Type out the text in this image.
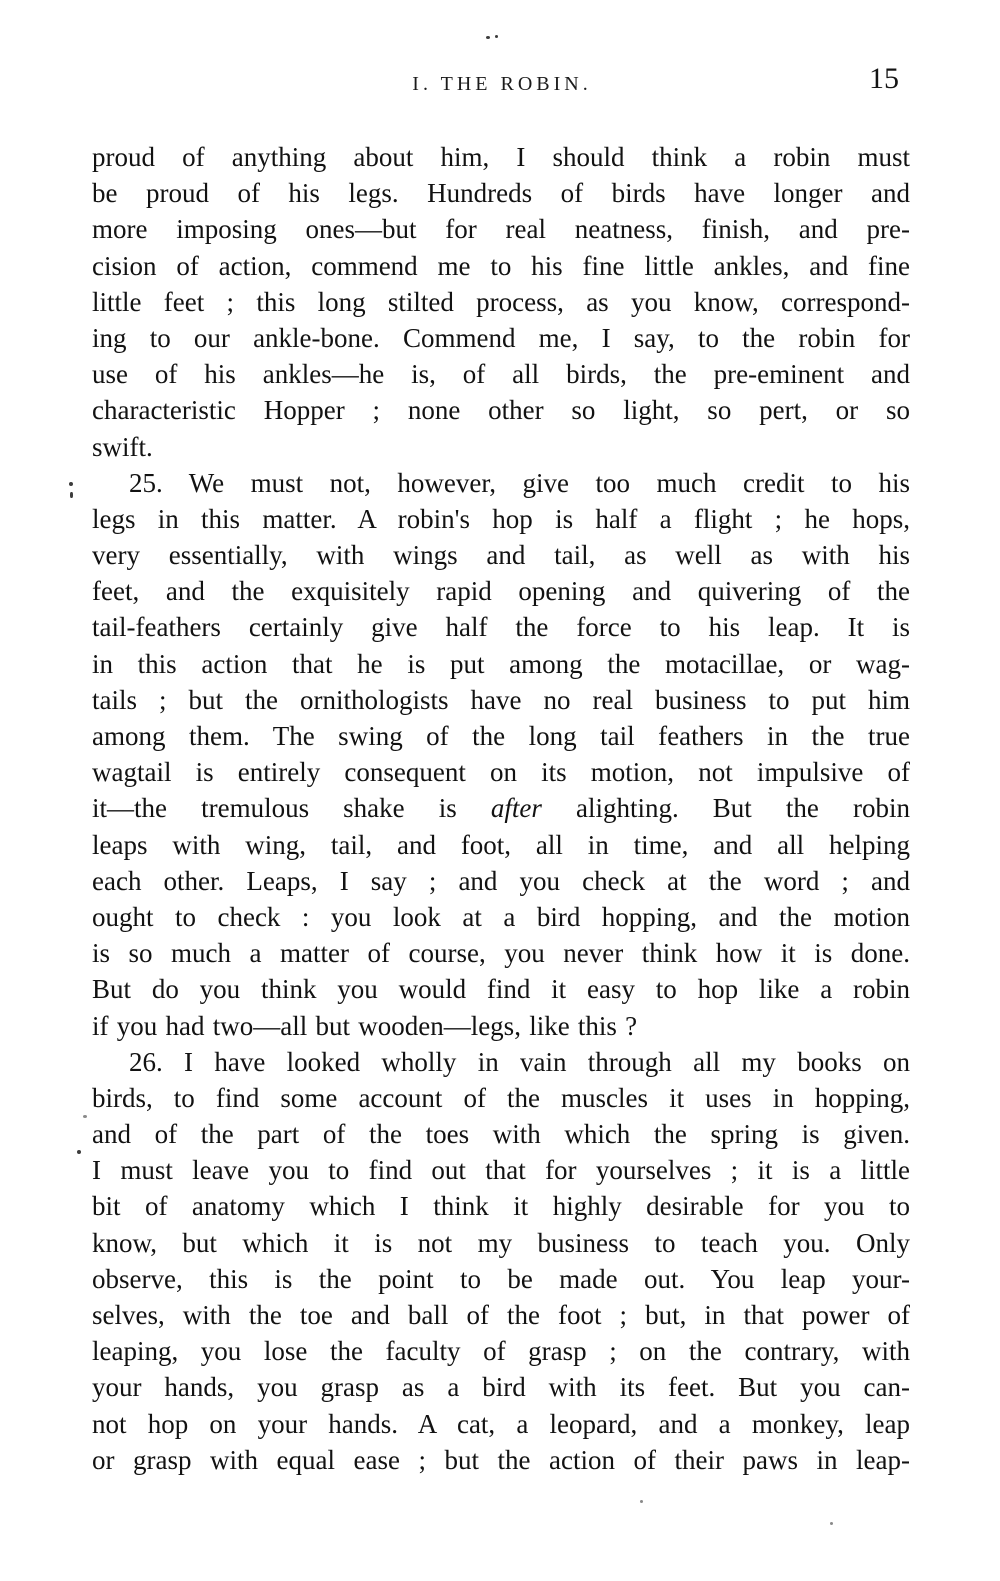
I. THE ROBIN.	15
proud of anything about him, I should think a robin must
be proud of his legs. Hundreds of birds have longer and
more imposing ones—but for real neatness, finish, and pre-
cision of action, commend me to his fine little ankles, and fine
little feet ; this long stilted process, as you know, correspond-
ing to our ankle-bone. Commend me, I say, to the robin for
use of his ankles—he is, of all birds, the pre-eminent and
characteristic Hopper ; none other so light, so pert, or so
swift.
25. We must not, however, give too much credit to his
legs in this matter. A robin's hop is half a flight ; he hops,
very essentially, with wings and tail, as well as with his
feet, and the exquisitely rapid opening and quivering of the
tail-feathers certainly give half the force to his leap. It is
in this action that he is put among the motacillae, or wag-
tails ; but the ornithologists have no real business to put him
among them. The swing of the long tail feathers in the true
wagtail is entirely consequent on its motion, not impulsive of
it—the tremulous shake is after alighting. But the robin
leaps with wing, tail, and foot, all in time, and all helping
each other. Leaps, I say ; and you check at the word ; and
ought to check : you look at a bird hopping, and the motion
is so much a matter of course, you never think how it is done.
But do you think you would find it easy to hop like a robin
if you had two—all but wooden—legs, like this ?
26. I have looked wholly in vain through all my books on
birds, to find some account of the muscles it uses in hopping,
and of the part of the toes with which the spring is given.
I must leave you to find out that for yourselves ; it is a little
bit of anatomy which I think it highly desirable for you to
know, but which it is not my business to teach you. Only
observe, this is the point to be made out. You leap your-
selves, with the toe and ball of the foot ; but, in that power of
leaping, you lose the faculty of grasp ; on the contrary, with
your hands, you grasp as a bird with its feet. But you can-
not hop on your hands. A cat, a leopard, and a monkey, leap
or grasp with equal ease ; but the action of their paws in leap-
